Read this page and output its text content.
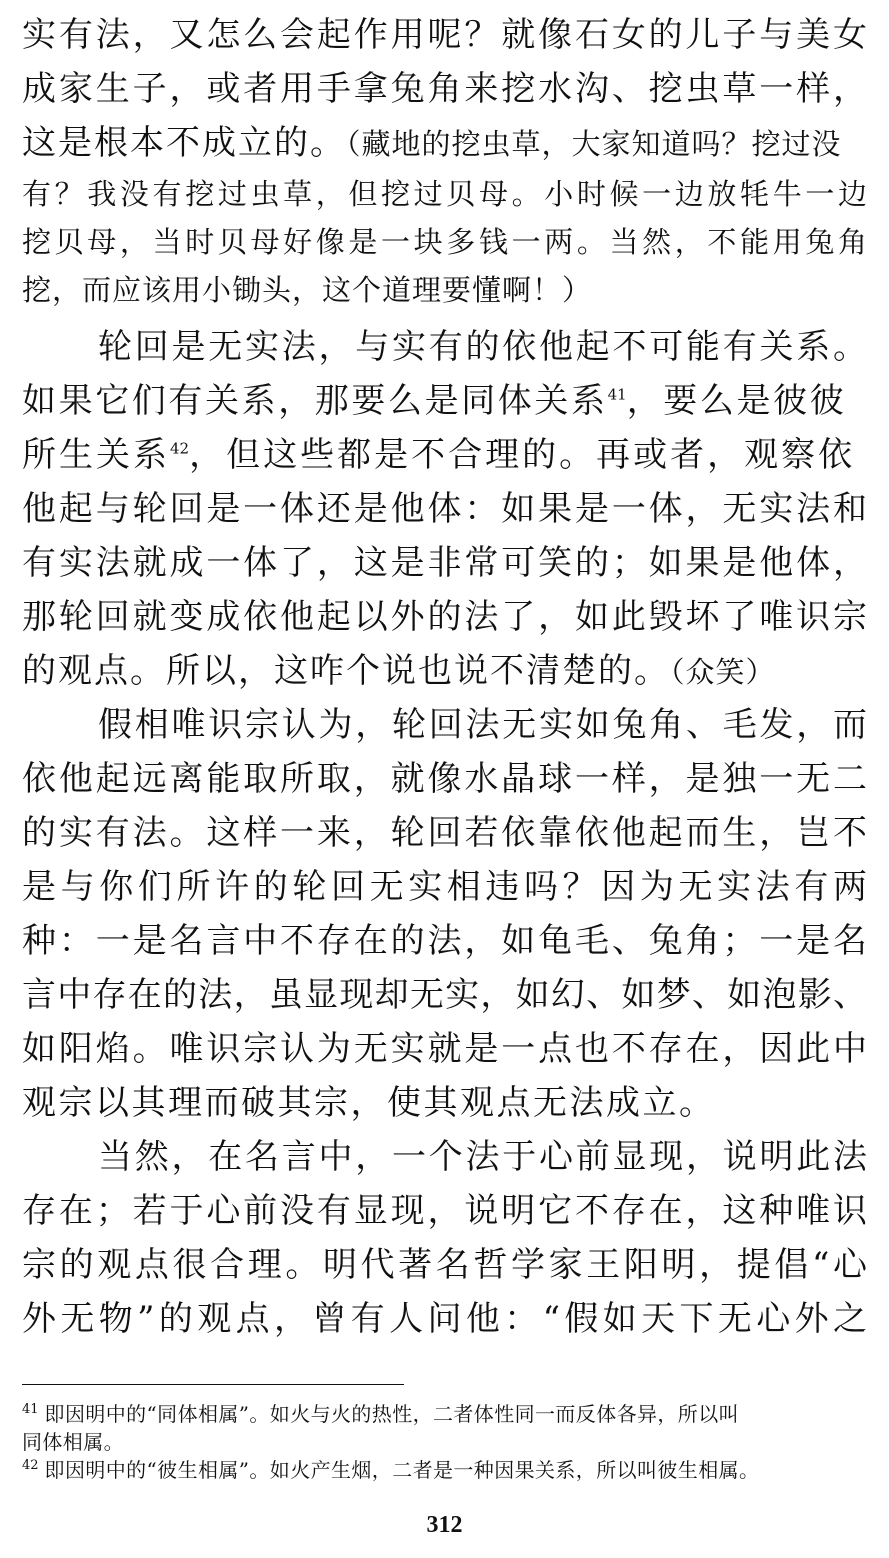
实有法，又怎么会起作用呢？就像石女的儿子与美女
成家生子，或者用手拿兔角来挖水沟、挖虫草一样，
这是根本不成立的。（藏地的挖虫草，大家知道吗？挖过没
有？我没有挖过虫草，但挖过贝母。小时候一边放牦牛一边
挖贝母，当时贝母好像是一块多钱一两。当然，不能用兔角
挖，而应该用小锄头，这个道理要懂啊！）
轮回是无实法，与实有的依他起不可能有关系。
如果它们有关系，那要么是同体关系$^{41}$，要么是彼彼
所生关系$^{42}$，但这些都是不合理的。再或者，观察依
他起与轮回是一体还是他体：如果是一体，无实法和
有实法就成一体了，这是非常可笑的；如果是他体，
那轮回就变成依他起以外的法了，如此毁坏了唯识宗
的观点。所以，这咋个说也说不清楚的。（众笑）
假相唯识宗认为，轮回法无实如兔角、毛发，而
依他起远离能取所取，就像水晶球一样，是独一无二
的实有法。这样一来，轮回若依靠依他起而生，岂不
是与你们所许的轮回无实相违吗？因为无实法有两
种：一是名言中不存在的法，如龟毛、兔角；一是名
言中存在的法，虽显现却无实，如幻、如梦、如泡影、
如阳焰。唯识宗认为无实就是一点也不存在，因此中
观宗以其理而破其宗，使其观点无法成立。
当然，在名言中，一个法于心前显现，说明此法
存在；若于心前没有显现，说明它不存在，这种唯识
宗的观点很合理。明代著名哲学家王阳明，提倡“心
外无物”的观点，曾有人问他：“假如天下无心外之
$^{41}$ 即因明中的“同体相属”。如火与火的热性，二者体性同一而反体各异，所以叫
同体相属。
$^{42}$ 即因明中的“彼生相属”。如火产生烟，二者是一种因果关系，所以叫彼生相属。
312
